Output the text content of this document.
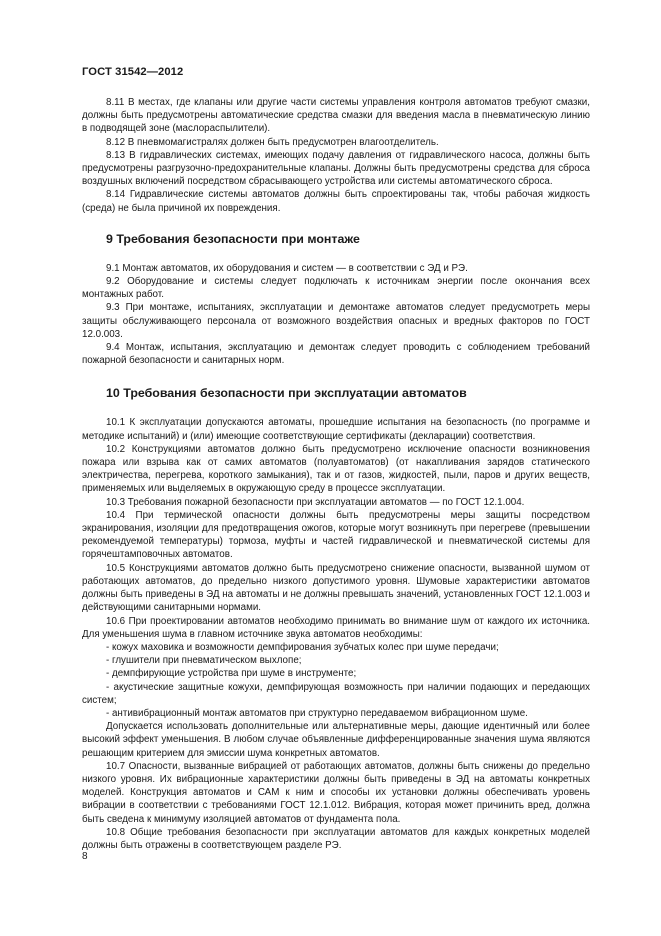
ГОСТ 31542—2012

8.11 В местах, где клапаны или другие части системы управления контроля автоматов требуют смазки, должны быть предусмотрены автоматические средства смазки для введения масла в пневматическую линию в подводящей зоне (маслораспылители).

8.12 В пневмомагистралях должен быть предусмотрен влагоотделитель.

8.13 В гидравлических системах, имеющих подачу давления от гидравлического насоса, должны быть предусмотрены разгрузочно-предохранительные клапаны. Должны быть предусмотрены средства для сброса воздушных включений посредством сбрасывающего устройства или системы автоматического сброса.

8.14 Гидравлические системы автоматов должны быть спроектированы так, чтобы рабочая жидкость (среда) не была причиной их повреждения.

9 Требования безопасности при монтаже

9.1 Монтаж автоматов, их оборудования и систем — в соответствии с ЭД и РЭ.

9.2 Оборудование и системы следует подключать к источникам энергии после окончания всех монтажных работ.

9.3 При монтаже, испытаниях, эксплуатации и демонтаже автоматов следует предусмотреть меры защиты обслуживающего персонала от возможного воздействия опасных и вредных факторов по ГОСТ 12.0.003.

9.4 Монтаж, испытания, эксплуатацию и демонтаж следует проводить с соблюдением требований пожарной безопасности и санитарных норм.

10 Требования безопасности при эксплуатации автоматов

10.1 К эксплуатации допускаются автоматы, прошедшие испытания на безопасность (по программе и методике испытаний) и (или) имеющие соответствующие сертификаты (декларации) соответствия.

10.2 Конструкциями автоматов должно быть предусмотрено исключение опасности возникновения пожара или взрыва как от самих автоматов (полуавтоматов) (от накапливания зарядов статического электричества, перегрева, короткого замыкания), так и от газов, жидкостей, пыли, паров и других веществ, применяемых или выделяемых в окружающую среду в процессе эксплуатации.

10.3 Требования пожарной безопасности при эксплуатации автоматов — по ГОСТ 12.1.004.

10.4 При термической опасности должны быть предусмотрены меры защиты посредством экранирования, изоляции для предотвращения ожогов, которые могут возникнуть при перегреве (превышении рекомендуемой температуры) тормоза, муфты и частей гидравлической и пневматической системы для горячештамповочных автоматов.

10.5 Конструкциями автоматов должно быть предусмотрено снижение опасности, вызванной шумом от работающих автоматов, до предельно низкого допустимого уровня. Шумовые характеристики автоматов должны быть приведены в ЭД на автоматы и не должны превышать значений, установленных ГОСТ 12.1.003 и действующими санитарными нормами.

10.6 При проектировании автоматов необходимо принимать во внимание шум от каждого их источника. Для уменьшения шума в главном источнике звука автоматов необходимы:

- кожух маховика и возможности демпфирования зубчатых колес при шуме передачи;

- глушители при пневматическом выхлопе;

- демпфирующие устройства при шуме в инструменте;

- акустические защитные кожухи, демпфирующая возможность при наличии подающих и передающих систем;

- антивибрационный монтаж автоматов при структурно передаваемом вибрационном шуме.

Допускается использовать дополнительные или альтернативные меры, дающие идентичный или более высокий эффект уменьшения. В любом случае объявленные дифференцированные значения шума являются решающим критерием для эмиссии шума конкретных автоматов.

10.7 Опасности, вызванные вибрацией от работающих автоматов, должны быть снижены до предельно низкого уровня. Их вибрационные характеристики должны быть приведены в ЭД на автоматы конкретных моделей. Конструкция автоматов и САМ к ним и способы их установки должны обеспечивать уровень вибрации в соответствии с требованиями ГОСТ 12.1.012. Вибрация, которая может причинить вред, должна быть сведена к минимуму изоляцией автоматов от фундамента пола.

10.8 Общие требования безопасности при эксплуатации автоматов для каждых конкретных моделей должны быть отражены в соответствующем разделе РЭ.

8
